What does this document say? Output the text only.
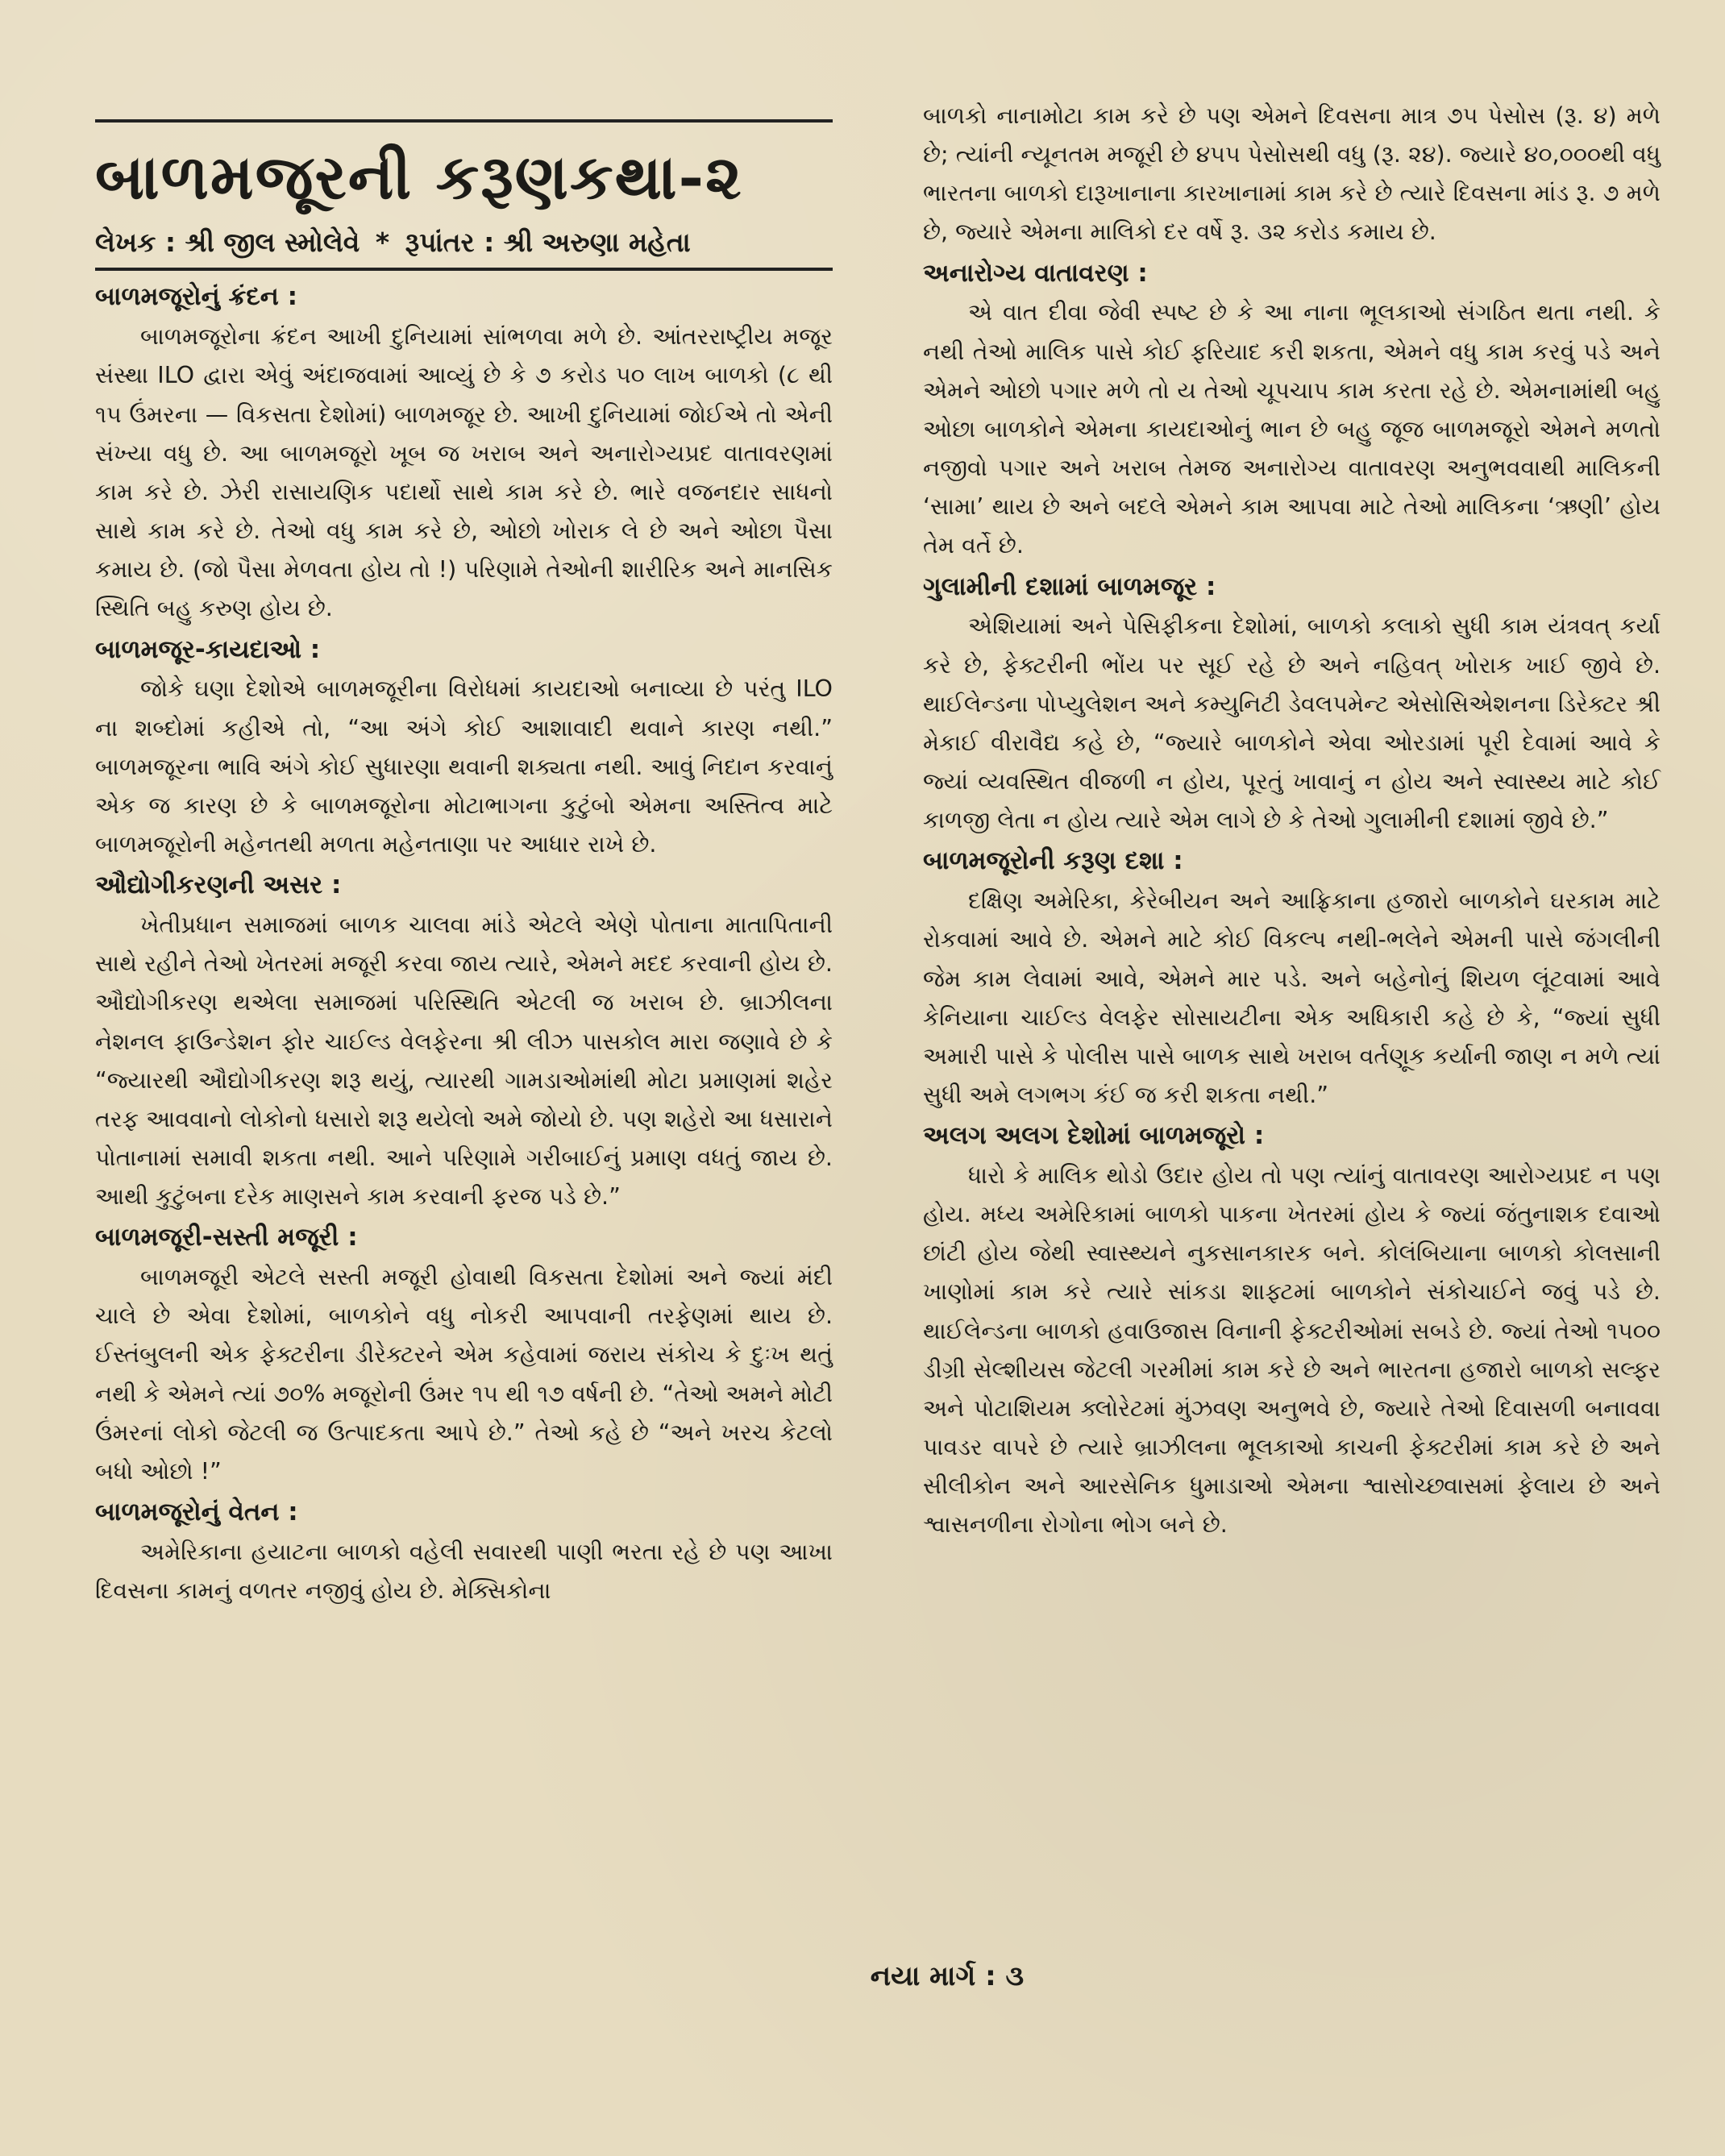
બાળમજૂરની કરૂણકથા-૨
લેખક : શ્રી જીલ સ્મોલેવે * રૂપાંતર : શ્રી અરુણા મહેતા
બાળમજૂરોનું ક્રંદન :
બાળમજૂરોના ક્રંદન આખી દુનિયામાં સાંભળવા મળે છે. આંતરરાષ્ટ્રીય મજૂર સંસ્થા ILO દ્વારા એવું અંદાજવામાં આવ્યું છે કે ૭ કરોડ ૫૦ લાખ બાળકો (૮ થી ૧૫ ઉંમરના — વિકસતા દેશોમાં) બાળમજૂર છે. આખી દુનિયામાં જોઈએ તો એની સંખ્યા વધુ છે. આ બાળમજૂરો ખૂબ જ ખરાબ અને અનારોગ્યપ્રદ વાતાવરણમાં કામ કરે છે. ઝેરી રાસાયણિક પદાર્થો સાથે કામ કરે છે. ભારે વજનદાર સાધનો સાથે કામ કરે છે. તેઓ વધુ કામ કરે છે, ઓછો ખોરાક લે છે અને ઓછા પૈસા કમાય છે. (જો પૈસા મેળવતા હોય તો !) પરિણામે તેઓની શારીરિક અને માનસિક સ્થિતિ બહુ કરુણ હોય છે.
બાળમજૂર-કાયદાઓ :
જોકે ઘણા દેશોએ બાળમજૂરીના વિરોધમાં કાયદાઓ બનાવ્યા છે પરંતુ ILO ના શબ્દોમાં કહીએ તો, “આ અંગે કોઈ આશાવાદી થવાને કારણ નથી.” બાળમજૂરના ભાવિ અંગે કોઈ સુધારણા થવાની શક્યતા નથી. આવું નિદાન કરવાનું એક જ કારણ છે કે બાળમજૂરોના મોટાભાગના કુટુંબો એમના અસ્તિત્વ માટે બાળમજૂરોની મહેનતથી મળતા મહેનતાણા પર આધાર રાખે છે.
ઔદ્યોગીકરણની અસર :
ખેતીપ્રધાન સમાજમાં બાળક ચાલવા માંડે એટલે એણે પોતાના માતાપિતાની સાથે રહીને તેઓ ખેતરમાં મજૂરી કરવા જાય ત્યારે, એમને મદદ કરવાની હોય છે. ઔદ્યોગીકરણ થએલા સમાજમાં પરિસ્થિતિ એટલી જ ખરાબ છે. બ્રાઝીલના નેશનલ ફાઉન્ડેશન ફોર ચાઈલ્ડ વેલફેરના શ્રી લીઝ પાસકોલ મારા જણાવે છે કે “જ્યારથી ઔદ્યોગીકરણ શરૂ થયું, ત્યારથી ગામડાઓમાંથી મોટા પ્રમાણમાં શહેર તરફ આવવાનો લોકોનો ધસારો શરૂ થયેલો અમે જોયો છે. પણ શહેરો આ ધસારાને પોતાનામાં સમાવી શકતા નથી. આને પરિણામે ગરીબાઈનું પ્રમાણ વધતું જાય છે. આથી કુટુંબના દરેક માણસને કામ કરવાની ફરજ પડે છે.”
બાળમજૂરી-સસ્તી મજૂરી :
બાળમજૂરી એટલે સસ્તી મજૂરી હોવાથી વિકસતા દેશોમાં અને જ્યાં મંદી ચાલે છે એવા દેશોમાં, બાળકોને વધુ નોકરી આપવાની તરફેણમાં થાય છે. ઈસ્તંબુલની એક ફેક્ટરીના ડીરેક્ટરને એમ કહેવામાં જરાય સંકોચ કે દુઃખ થતું નથી કે એમને ત્યાં ૭૦% મજૂરોની ઉંમર ૧૫ થી ૧૭ વર્ષની છે. “તેઓ અમને મોટી ઉંમરનાં લોકો જેટલી જ ઉત્પાદકતા આપે છે.” તેઓ કહે છે “અને ખરચ કેટલો બધો ઓછો !”
બાળમજૂરોનું વેતન :
અમેરિકાના હયાટના બાળકો વહેલી સવારથી પાણી ભરતા રહે છે પણ આખા દિવસના કામનું વળતર નજીવું હોય છે. મેક્સિકોના
બાળકો નાનામોટા કામ કરે છે પણ એમને દિવસના માત્ર ૭૫ પેસોસ (રૂ. ૪) મળે છે; ત્યાંની ન્યૂનતમ મજૂરી છે ૪૫૫ પેસોસથી વધુ (રૂ. ૨૪). જ્યારે ૪૦,૦૦૦થી વધુ ભારતના બાળકો દારૂખાનાના કારખાનામાં કામ કરે છે ત્યારે દિવસના માંડ રૂ. ૭ મળે છે, જ્યારે એમના માલિકો દર વર્ષે રૂ. ૩૨ કરોડ કમાય છે.
અનારોગ્ય વાતાવરણ :
એ વાત દીવા જેવી સ્પષ્ટ છે કે આ નાના ભૂલકાઓ સંગઠિત થતા નથી. કે નથી તેઓ માલિક પાસે કોઈ ફરિયાદ કરી શકતા, એમને વધુ કામ કરવું પડે અને એમને ઓછો પગાર મળે તો ય તેઓ ચૂપચાપ કામ કરતા રહે છે. એમનામાંથી બહુ ઓછા બાળકોને એમના કાયદાઓનું ભાન છે બહુ જૂજ બાળમજૂરો એમને મળતો નજીવો પગાર અને ખરાબ તેમજ અનારોગ્ય વાતાવરણ અનુભવવાથી માલિકની ‘સામા’ થાય છે અને બદલે એમને કામ આપવા માટે તેઓ માલિકના ‘ઋણી’ હોય તેમ વર્તે છે.
ગુલામીની દશામાં બાળમજૂર :
એશિયામાં અને પેસિફીકના દેશોમાં, બાળકો કલાકો સુધી કામ યંત્રવત્ કર્યા કરે છે, ફેક્ટરીની ભોંય પર સૂઈ રહે છે અને નહિવત્ ખોરાક ખાઈ જીવે છે. થાઈલેન્ડના પોપ્યુલેશન અને કમ્યુનિટી ડેવલપમેન્ટ એસોસિએશનના ડિરેક્ટર શ્રી મેકાઈ વીરાવૈદ્ય કહે છે, “જ્યારે બાળકોને એવા ઓરડામાં પૂરી દેવામાં આવે કે જ્યાં વ્યવસ્થિત વીજળી ન હોય, પૂરતું ખાવાનું ન હોય અને સ્વાસ્થ્ય માટે કોઈ કાળજી લેતા ન હોય ત્યારે એમ લાગે છે કે તેઓ ગુલામીની દશામાં જીવે છે.”
બાળમજૂરોની કરૂણ દશા :
દક્ષિણ અમેરિકા, કેરેબીયન અને આફ્રિકાના હજારો બાળકોને ઘરકામ માટે રોકવામાં આવે છે. એમને માટે કોઈ વિકલ્પ નથી-ભલેને એમની પાસે જંગલીની જેમ કામ લેવામાં આવે, એમને માર પડે. અને બહેનોનું શિયળ લૂંટવામાં આવે કેનિયાના ચાઈલ્ડ વેલફેર સોસાયટીના એક અધિકારી કહે છે કે, “જ્યાં સુધી અમારી પાસે કે પોલીસ પાસે બાળક સાથે ખરાબ વર્તણૂક કર્યાની જાણ ન મળે ત્યાં સુધી અમે લગભગ કંઈ જ કરી શકતા નથી.”
અલગ અલગ દેશોમાં બાળમજૂરો :
ધારો કે માલિક થોડો ઉદાર હોય તો પણ ત્યાંનું વાતાવરણ આરોગ્યપ્રદ ન પણ હોય. મધ્ય અમેરિકામાં બાળકો પાકના ખેતરમાં હોય કે જ્યાં જંતુનાશક દવાઓ છાંટી હોય જેથી સ્વાસ્થ્યને નુકસાનકારક બને. કોલંબિયાના બાળકો કોલસાની ખાણોમાં કામ કરે ત્યારે સાંકડા શાફ્ટમાં બાળકોને સંકોચાઈને જવું પડે છે. થાઈલેન્ડના બાળકો હવાઉજાસ વિનાની ફેક્ટરીઓમાં સબડે છે. જ્યાં તેઓ ૧૫૦૦ ડીગ્રી સેલ્શીયસ જેટલી ગરમીમાં કામ કરે છે અને ભારતના હજારો બાળકો સલ્ફર અને પોટાશિયમ ક્લોરેટમાં મુંઝવણ અનુભવે છે, જ્યારે તેઓ દિવાસળી બનાવવા પાવડર વાપરે છે ત્યારે બ્રાઝીલના ભૂલકાઓ કાચની ફેક્ટરીમાં કામ કરે છે અને સીલીકોન અને આરસેનિક ધુમાડાઓ એમના શ્વાસોચ્છ્વાસમાં ફેલાય છે અને શ્વાસનળીના રોગોના ભોગ બને છે.
નયા માર્ગ : ૩
